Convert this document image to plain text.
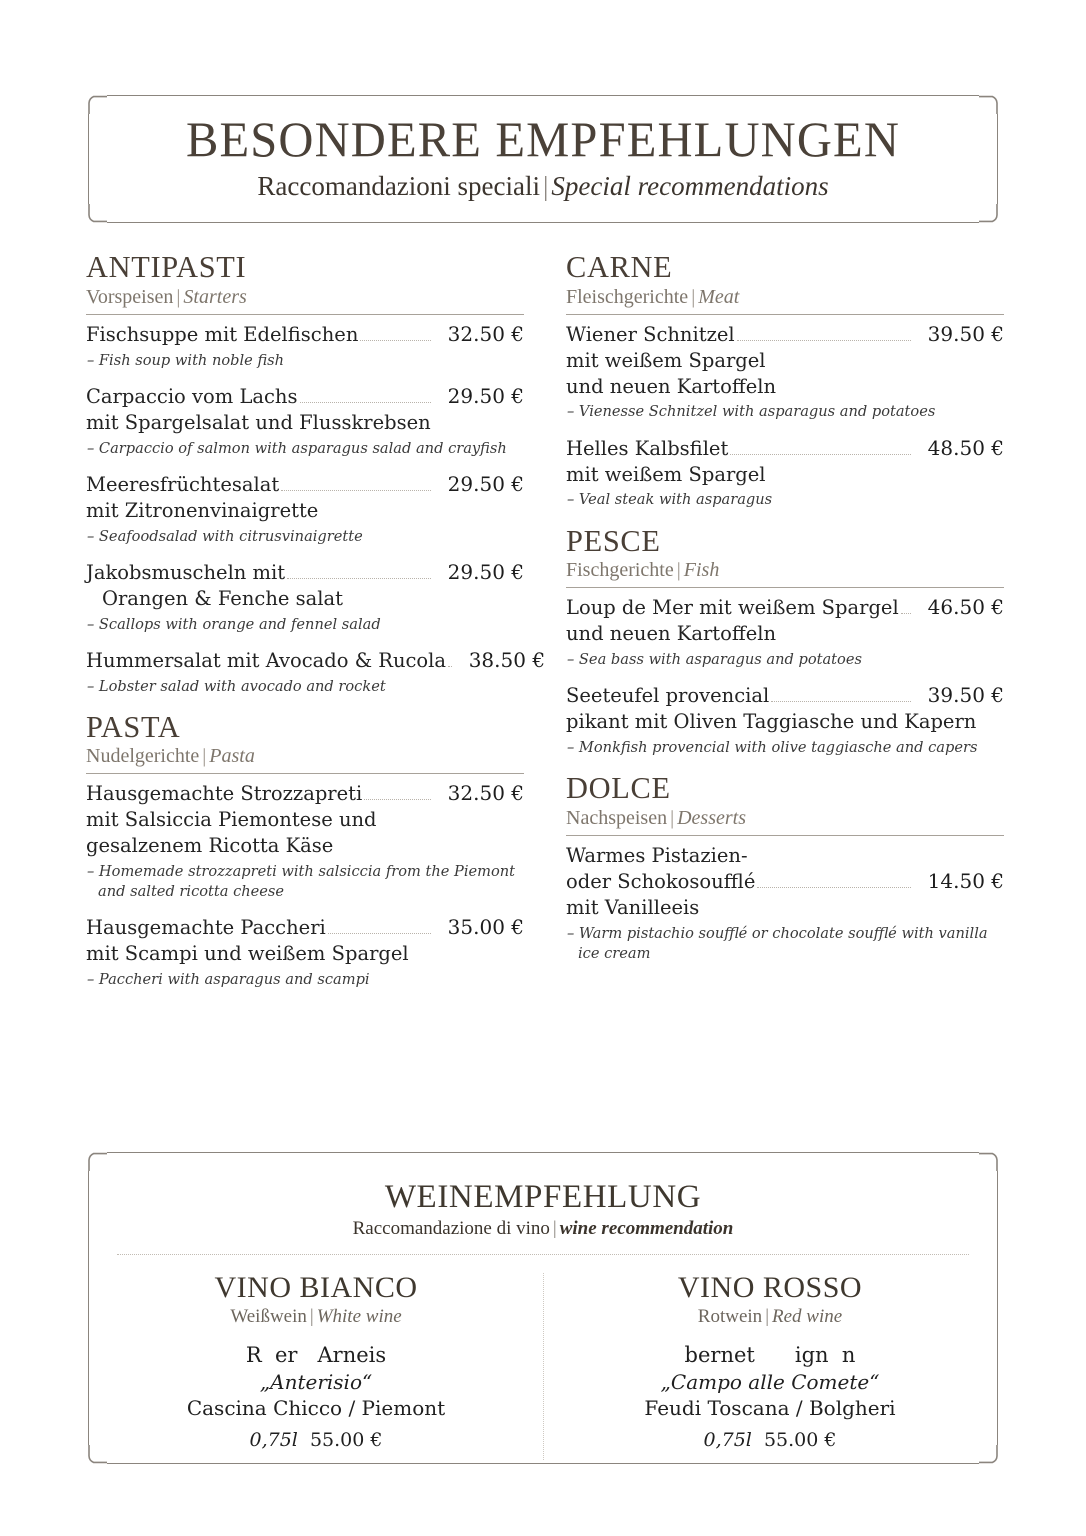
BESONDERE EMPFEHLUNGEN
Raccomandazioni speciali | Special recommendations
ANTIPASTI
Vorspeisen | Starters
Fischsuppe mit Edelfischen	32.50 €
– Fish soup with noble fish
Carpaccio vom Lachs	29.50 €
mit Spargelsalat und Flusskrebsen
– Carpaccio of salmon with asparagus salad and crayfish
Meeresfrüchtesalat	29.50 €
mit Zitronenvinaigrette
– Seafoodsalad with citrusvinaigrette
Jakobsmuscheln mit	29.50 €
Orangen & Fenche salat
– Scallops with orange and fennel salad
Hummersalat mit Avocado & Rucola	38.50 €
– Lobster salad with avocado and rocket
PASTA
Nudelgerichte | Pasta
Hausgemachte Strozzapreti	32.50 €
mit Salsiccia Piemontese und
gesalzenem Ricotta Käse
– Homemade strozzapreti with salsiccia from the Piemont and salted ricotta cheese
Hausgemachte Paccheri	35.00 €
mit Scampi und weißem Spargel
– Paccheri with asparagus and scampi
CARNE
Fleischgerichte | Meat
Wiener Schnitzel	39.50 €
mit weißem Spargel
und neuen Kartoffeln
– Vienesse Schnitzel with asparagus and potatoes
Helles Kalbsfilet	48.50 €
mit weißem Spargel
– Veal steak with asparagus
PESCE
Fischgerichte | Fish
Loup de Mer mit weißem Spargel	46.50 €
und neuen Kartoffeln
– Sea bass with asparagus and potatoes
Seeteufel provencial	39.50 €
pikant mit Oliven Taggiasche und Kapern
– Monkfish provencial with olive taggiasche and capers
DOLCE
Nachspeisen | Desserts
Warmes Pistazien-
oder Schokosoufflé	14.50 €
mit Vanilleeis
– Warm pistachio soufflé or chocolate soufflé with vanilla ice cream
WEINEMPFEHLUNG
Raccomandazione di vino | wine recommendation
VINO BIANCO
Weißwein | White wine
R  er   Arneis
„Anterisio“
Cascina Chicco / Piemont
0,75l 55.00 €
VINO ROSSO
Rotwein | Red wine
bernet      ign  n
„Campo alle Comete“
Feudi Toscana / Bolgheri
0,75l 55.00 €
